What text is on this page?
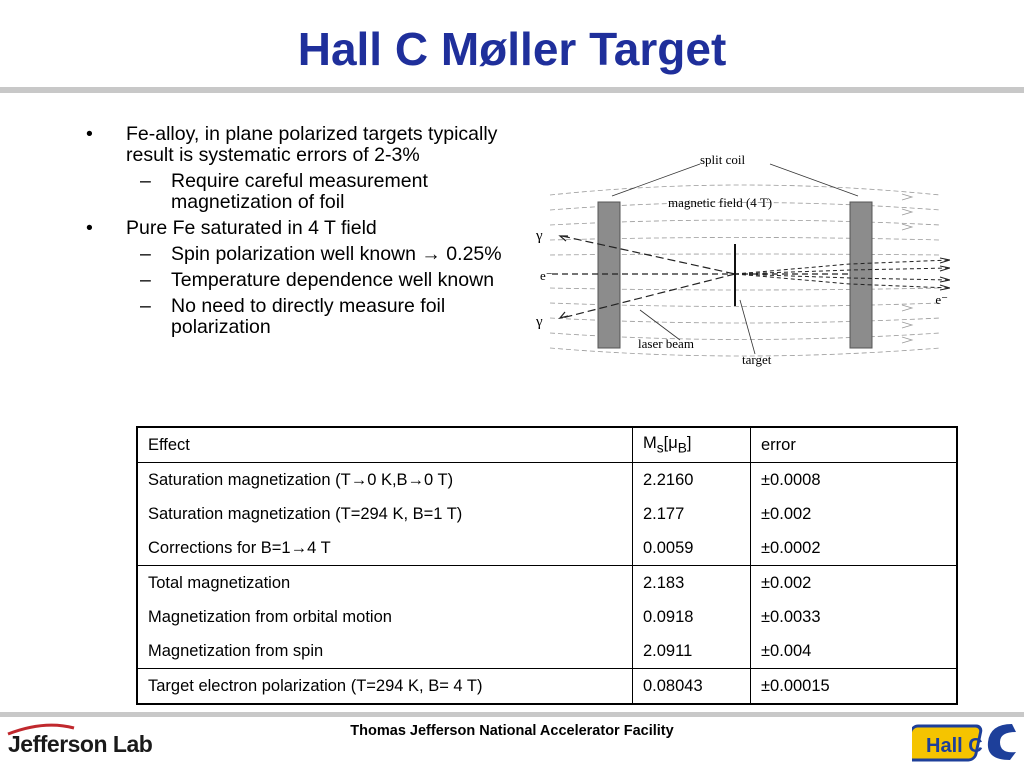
Hall C Møller Target
• Fe-alloy, in plane polarized targets typically result is systematic errors of 2-3%
– Require careful measurement magnetization of foil
• Pure Fe saturated in 4 T field
– Spin polarization well known → 0.25%
– Temperature dependence well known
– No need to directly measure foil polarization
split coil
magnetic field (4 T)
γ
e⁻
γ
e⁻
laser beam
target
Effect	$M_s[\mu_B]$	error
Saturation magnetization (T→0 K,B→0 T)	2.2160	±0.0008
Saturation magnetization (T=294 K, B=1 T)	2.177	±0.002
Corrections for B=1→4 T	0.0059	±0.0002
Total magnetization	2.183	±0.002
Magnetization from orbital motion	0.0918	±0.0033
Magnetization from spin	2.0911	±0.004
Target electron polarization (T=294 K, B= 4 T)	0.08043	±0.00015
Thomas Jefferson National Accelerator Facility
Jefferson Lab	Hall C
